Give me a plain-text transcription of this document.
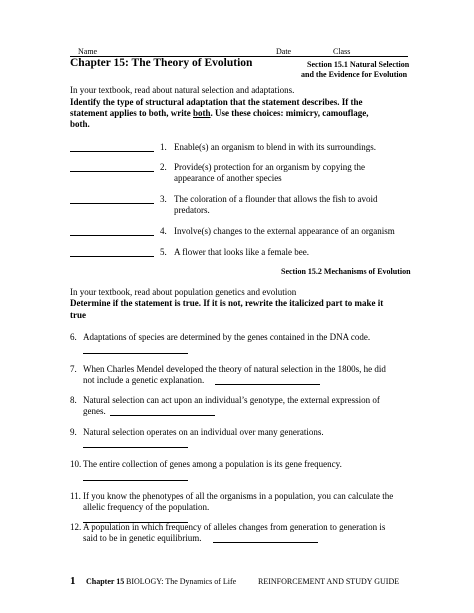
Name	Date	Class
Chapter 15: The Theory of Evolution	Section 15.1 Natural Selection
and the Evidence for Evolution
In your textbook, read about natural selection and adaptations.
Identify the type of structural adaptation that the statement describes. If the
statement applies to both, write both. Use these choices: mimicry, camouflage,
both.
1. Enable(s) an organism to blend in with its surroundings.
2. Provide(s) protection for an organism by copying the
appearance of another species
3. The coloration of a flounder that allows the fish to avoid
predators.
4. Involve(s) changes to the external appearance of an organism
5. A flower that looks like a female bee.
Section 15.2 Mechanisms of Evolution
In your textbook, read about population genetics and evolution
Determine if the statement is true. If it is not, rewrite the italicized part to make it
true
6. Adaptations of species are determined by the genes contained in the DNA code.
7. When Charles Mendel developed the theory of natural selection in the 1800s, he did
not include a genetic explanation.
8. Natural selection can act upon an individual’s genotype, the external expression of
genes.
9. Natural selection operates on an individual over many generations.
10. The entire collection of genes among a population is its gene frequency.
11. If you know the phenotypes of all the organisms in a population, you can calculate the
allelic frequency of the population.
12. A population in which frequency of alleles changes from generation to generation is
said to be in genetic equilibrium.
1 Chapter 15 BIOLOGY: The Dynamics of Life	REINFORCEMENT AND STUDY GUIDE
